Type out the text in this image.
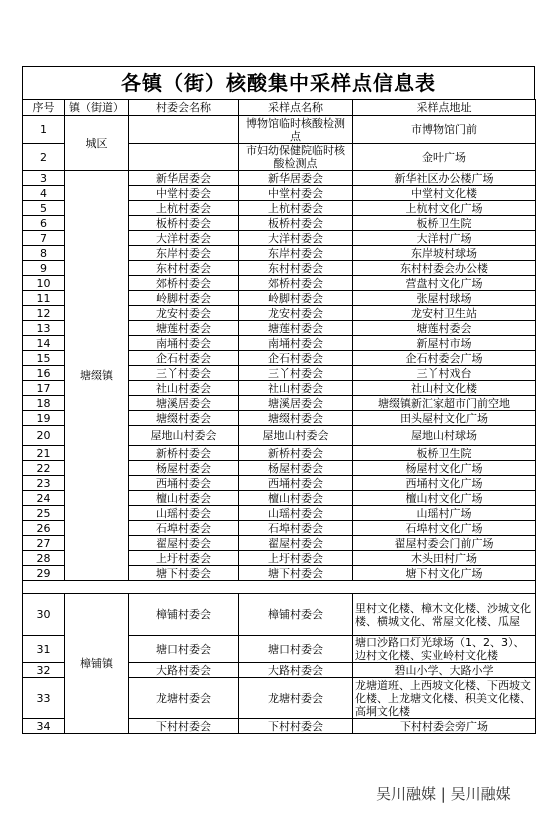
各镇（街）核酸集中采样点信息表
序号	镇（街道）	村委会名称	采样点名称	采样点地址
1	城区		博物馆临时核酸检测点	市博物馆门前
2			市妇幼保健院临时核酸检测点	金叶广场
3	塘缀镇	新华居委会	新华居委会	新华社区办公楼广场
4		中堂村委会	中堂村委会	中堂村文化楼
5		上杭村委会	上杭村委会	上杭村文化广场
6		板桥村委会	板桥村委会	板桥卫生院
7		大洋村委会	大洋村委会	大洋村广场
8		东岸村委会	东岸村委会	东岸坡村球场
9		东村村委会	东村村委会	东村村委会办公楼
10		郊桥村委会	郊桥村委会	营盘村文化广场
11		岭脚村委会	岭脚村委会	张屋村球场
12		龙安村委会	龙安村委会	龙安村卫生站
13		塘莲村委会	塘莲村委会	塘莲村委会
14		南埇村委会	南埇村委会	新屋村市场
15		企石村委会	企石村委会	企石村委会广场
16		三丫村委会	三丫村委会	三丫村戏台
17		社山村委会	社山村委会	社山村文化楼
18		塘溪居委会	塘溪居委会	塘缀镇新汇家超市门前空地
19		塘缀村委会	塘缀村委会	田头屋村文化广场
20		屋地山村委会	屋地山村委会	屋地山村球场
21		新桥村委会	新桥村委会	板桥卫生院
22		杨屋村委会	杨屋村委会	杨屋村文化广场
23		西埇村委会	西埇村委会	西埇村文化广场
24		檀山村委会	檀山村委会	檀山村文化广场
25		山瑶村委会	山瑶村委会	山瑶村广场
26		石埠村委会	石埠村委会	石埠村文化广场
27		翟屋村委会	翟屋村委会	翟屋村委会门前广场
28		上圩村委会	上圩村委会	木头田村广场
29		塘下村委会	塘下村委会	塘下村文化广场

30	樟铺镇	樟铺村委会	樟铺村委会	里村文化楼、樟木文化楼、沙城文化楼、横城文化、常屋文化楼、瓜屋
31		塘口村委会	塘口村委会	塘口沙路口灯光球场（1、2、3）、边村文化楼、实业岭村文化楼
32		大路村委会	大路村委会	碧山小学、大路小学
33		龙塘村委会	龙塘村委会	龙塘道班、上西坡文化楼、下西坡文化楼、上龙塘文化楼、积美文化楼、高垌文化楼
34		下村村委会	下村村委会	下村村委会旁广场
吴川融媒 | 吴川融媒
